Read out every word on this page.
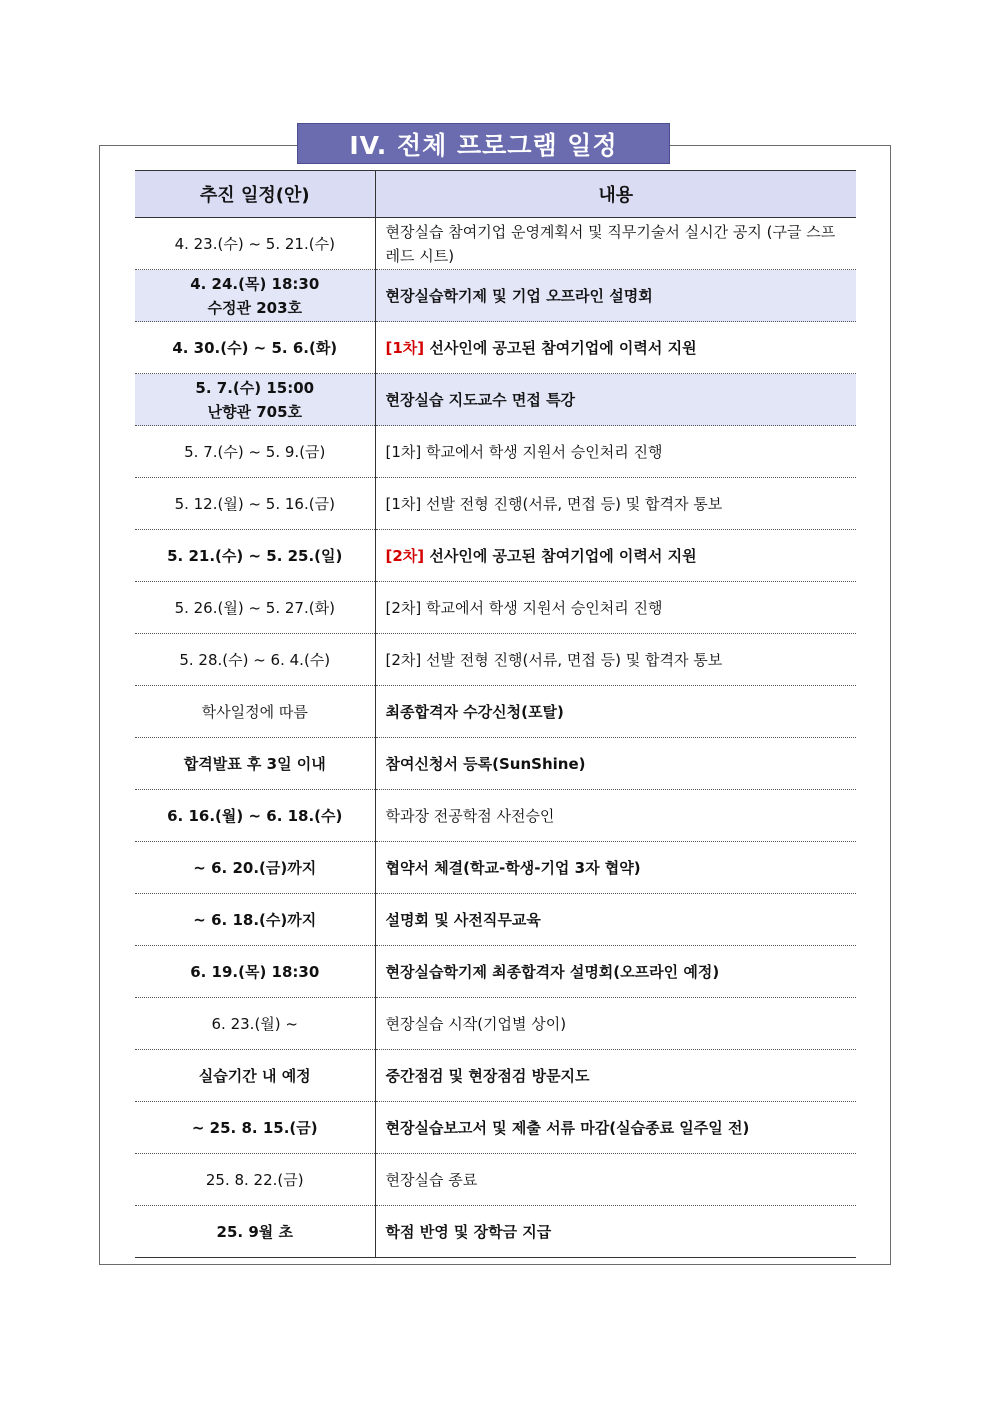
IV. 전체 프로그램 일정
추진 일정(안)	내용

4. 23.(수) ~ 5. 21.(수)	현장실습 참여기업 운영계획서 및 직무기술서 실시간 공지 (구글 스프레드 시트)

4. 24.(목) 18:30
수정관 203호	현장실습학기제 및 기업 오프라인 설명회

4. 30.(수) ~ 5. 6.(화)	[1차] 선사인에 공고된 참여기업에 이력서 지원

5. 7.(수) 15:00
난향관 705호	현장실습 지도교수 면접 특강

5. 7.(수) ~ 5. 9.(금)	[1차] 학교에서 학생 지원서 승인처리 진행

5. 12.(월) ~ 5. 16.(금)	[1차] 선발 전형 진행(서류, 면접 등) 및 합격자 통보

5. 21.(수) ~ 5. 25.(일)	[2차] 선사인에 공고된 참여기업에 이력서 지원

5. 26.(월) ~ 5. 27.(화)	[2차] 학교에서 학생 지원서 승인처리 진행

5. 28.(수) ~ 6. 4.(수)	[2차] 선발 전형 진행(서류, 면접 등) 및 합격자 통보

학사일정에 따름	최종합격자 수강신청(포탈)

합격발표 후 3일 이내	참여신청서 등록(SunShine)

6. 16.(월) ~ 6. 18.(수)	학과장 전공학점 사전승인

~ 6. 20.(금)까지	협약서 체결(학교-학생-기업 3자 협약)

~ 6. 18.(수)까지	설명회 및 사전직무교육

6. 19.(목) 18:30	현장실습학기제 최종합격자 설명회(오프라인 예정)

6. 23.(월) ~	현장실습 시작(기업별 상이)

실습기간 내 예정	중간점검 및 현장점검 방문지도

~ 25. 8. 15.(금)	현장실습보고서 및 제출 서류 마감(실습종료 일주일 전)

25. 8. 22.(금)	현장실습 종료

25. 9월 초	학점 반영 및 장학금 지급
